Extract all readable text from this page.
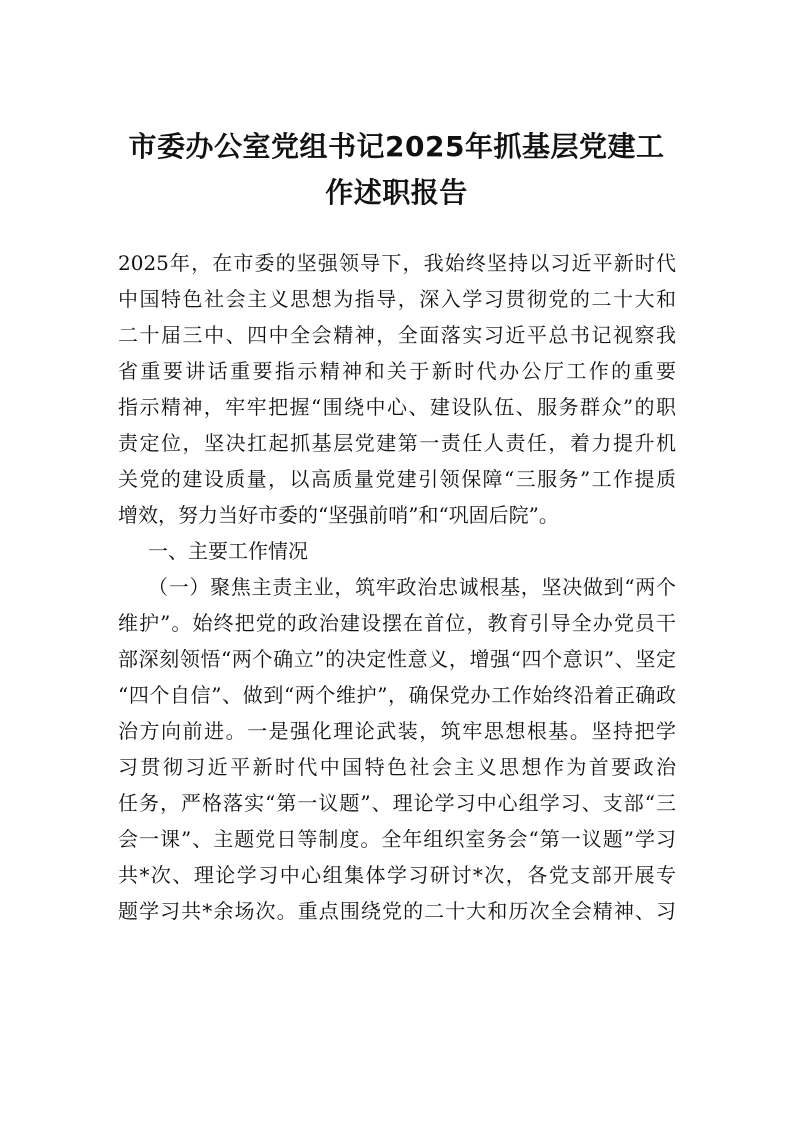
市委办公室党组书记2025年抓基层党建工
作述职报告

2025年，在市委的坚强领导下，我始终坚持以习近平新时代

中国特色社会主义思想为指导，深入学习贯彻党的二十大和

二十届三中、四中全会精神，全面落实习近平总书记视察我

省重要讲话重要指示精神和关于新时代办公厅工作的重要

指示精神，牢牢把握“围绕中心、建设队伍、服务群众”的职

责定位，坚决扛起抓基层党建第一责任人责任，着力提升机

关党的建设质量，以高质量党建引领保障“三服务”工作提质

增效，努力当好市委的“坚强前哨”和“巩固后院”。

一、主要工作情况

（一）聚焦主责主业，筑牢政治忠诚根基，坚决做到“两个

维护”。始终把党的政治建设摆在首位，教育引导全办党员干

部深刻领悟“两个确立”的决定性意义，增强“四个意识”、坚定

“四个自信”、做到“两个维护”，确保党办工作始终沿着正确政

治方向前进。一是强化理论武装，筑牢思想根基。坚持把学

习贯彻习近平新时代中国特色社会主义思想作为首要政治

任务，严格落实“第一议题”、理论学习中心组学习、支部“三

会一课”、主题党日等制度。全年组织室务会“第一议题”学习

共*次、理论学习中心组集体学习研讨*次，各党支部开展专

题学习共*余场次。重点围绕党的二十大和历次全会精神、习
